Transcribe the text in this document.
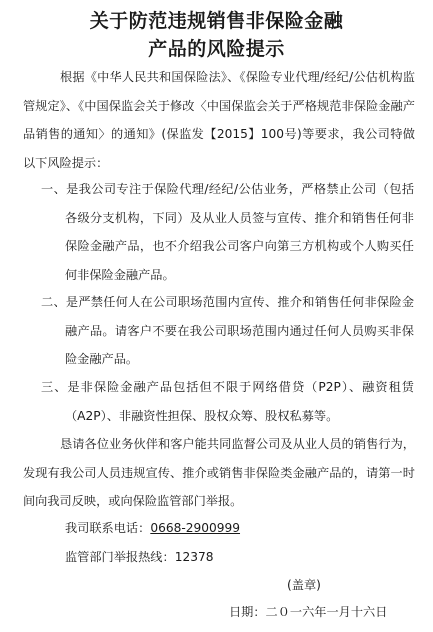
关于防范违规销售非保险金融
产品的风险提示

根据《中华人民共和国保险法》、《保险专业代理/经纪/公估机构监管规定》、《中国保监会关于修改〈中国保监会关于严格规范非保险金融产品销售的通知〉的通知》(保监发【2015】100号)等要求，我公司特做以下风险提示：

一、是我公司专注于保险代理/经纪/公估业务，严格禁止公司（包括各级分支机构，下同）及从业人员签与宣传、推介和销售任何非保险金融产品，也不介绍我公司客户向第三方机构或个人购买任何非保险金融产品。
二、是严禁任何人在公司职场范围内宣传、推介和销售任何非保险金融产品。请客户不要在我公司职场范围内通过任何人员购买非保险金融产品。
三、是非保险金融产品包括但不限于网络借贷（P2P）、融资租赁（A2P）、非融资性担保、股权众筹、股权私募等。

恳请各位业务伙伴和客户能共同监督公司及从业人员的销售行为，发现有我公司人员违规宣传、推介或销售非保险类金融产品的，请第一时间向我司反映，或向保险监管部门举报。

我司联系电话：0668-2900999
监管部门举报热线：12378
(盖章)
日期：二０一六年一月十六日
